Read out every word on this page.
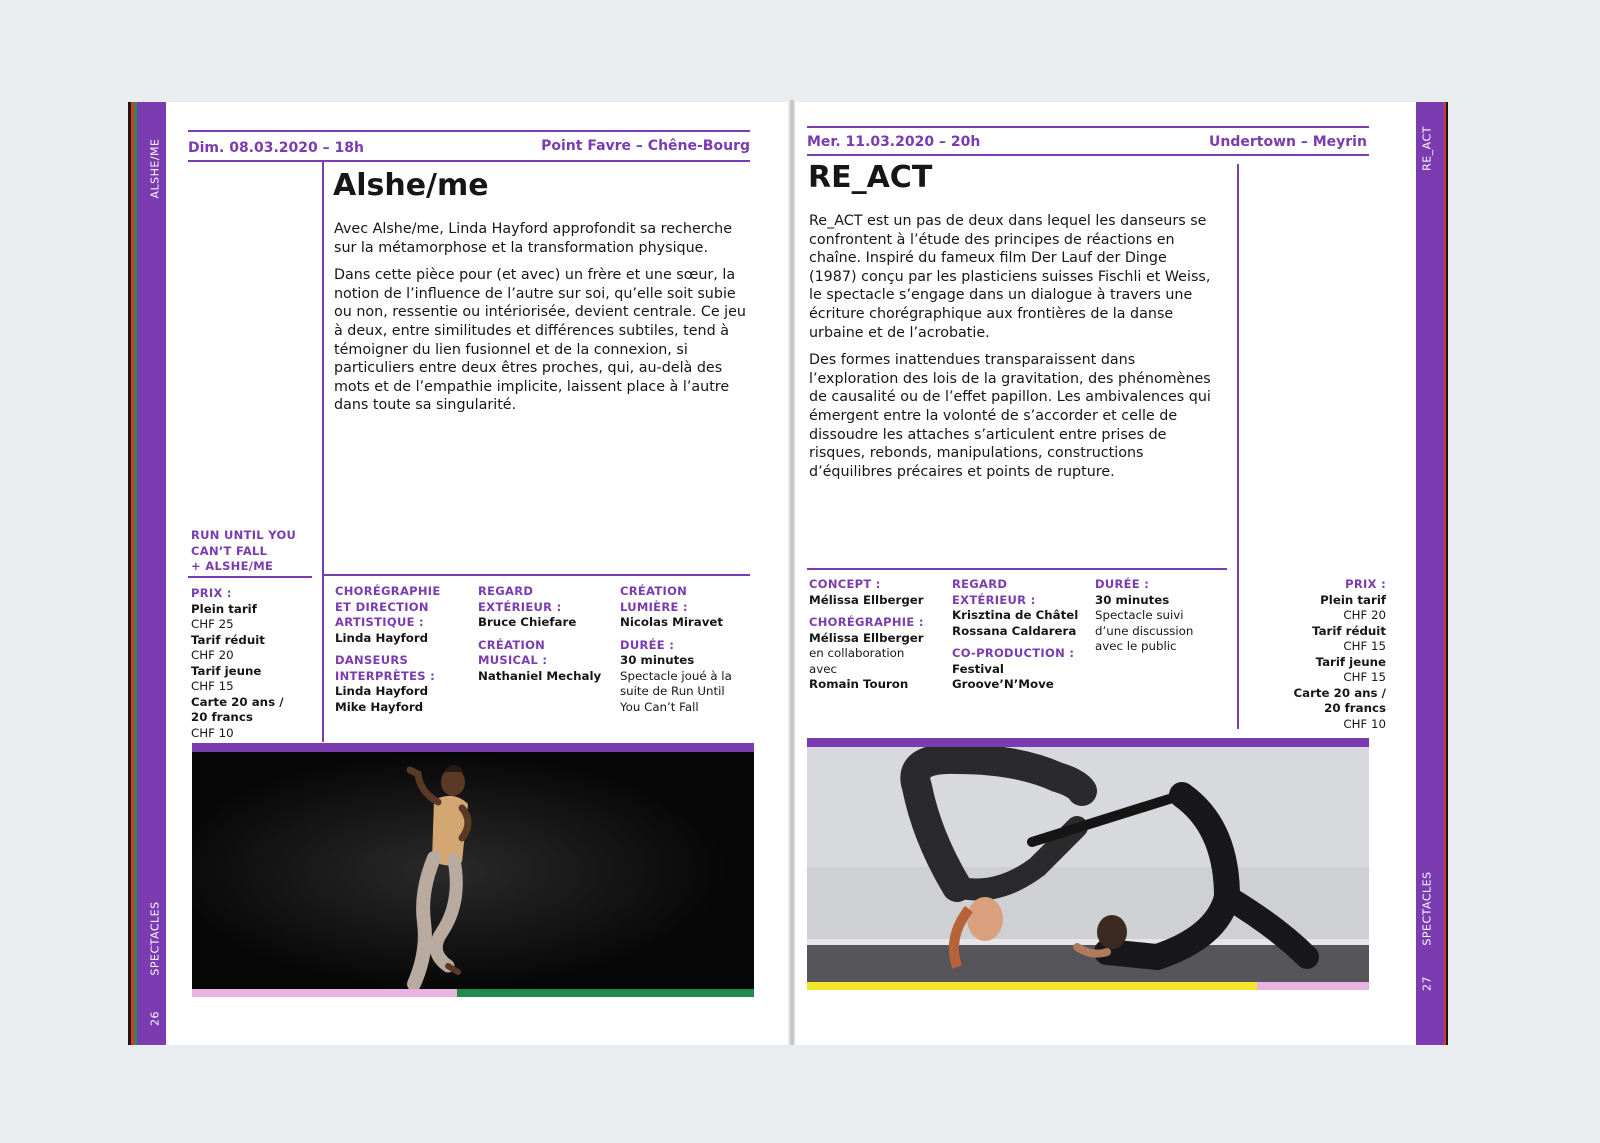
ALSHE/ME
SPECTACLES
26
Dim. 08.03.2020 – 18h	Point Favre – Chêne-Bourg
Alshe/me

Avec Alshe/me, Linda Hayford approfondit sa recherche sur la métamorphose et la transformation physique.

Dans cette pièce pour (et avec) un frère et une sœur, la notion de l’influence de l’autre sur soi, qu’elle soit subie ou non, ressentie ou intériorisée, devient centrale. Ce jeu à deux, entre similitudes et différences subtiles, tend à témoigner du lien fusionnel et de la connexion, si particuliers entre deux êtres proches, qui, au-delà des mots et de l’empathie implicite, laissent place à l’autre dans toute sa singularité.

RUN UNTIL YOU
CAN’T FALL
+ ALSHE/ME
PRIX :
Plein tarif
CHF 25
Tarif réduit
CHF 20
Tarif jeune
CHF 15
Carte 20 ans /
20 francs
CHF 10
CHORÉGRAPHIE
ET DIRECTION
ARTISTIQUE :
Linda Hayford
DANSEURS
INTERPRÈTES :
Linda Hayford
Mike Hayford
REGARD
EXTÉRIEUR :
Bruce Chiefare
CRÉATION
MUSICAL :
Nathaniel Mechaly
CRÉATION
LUMIÈRE :
Nicolas Miravet
DURÉE :
30 minutes
Spectacle joué à la
suite de Run Until
You Can’t Fall
RE_ACT
SPECTACLES
27
Mer. 11.03.2020 – 20h	Undertown – Meyrin
RE_ACT

Re_ACT est un pas de deux dans lequel les danseurs se confrontent à l’étude des principes de réactions en chaîne. Inspiré du fameux film Der Lauf der Dinge (1987) conçu par les plasticiens suisses Fischli et Weiss, le spectacle s’engage dans un dialogue à travers une écriture chorégraphique aux frontières de la danse urbaine et de l’acrobatie.

Des formes inattendues transparaissent dans l’exploration des lois de la gravitation, des phénomènes de causalité ou de l’effet papillon. Les ambivalences qui émergent entre la volonté de s’accorder et celle de dissoudre les attaches s’articulent entre prises de risques, rebonds, manipulations, constructions d’équilibres précaires et points de rupture.

CONCEPT :
Mélissa Ellberger
CHORÉGRAPHIE :
Mélissa Ellberger
en collaboration
avec
Romain Touron
REGARD
EXTÉRIEUR :
Krisztina de Châtel
Rossana Caldarera
CO-PRODUCTION :
Festival
Groove’N’Move
DURÉE :
30 minutes
Spectacle suivi
d’une discussion
avec le public
PRIX :
Plein tarif
CHF 20
Tarif réduit
CHF 15
Tarif jeune
CHF 15
Carte 20 ans /
20 francs
CHF 10
